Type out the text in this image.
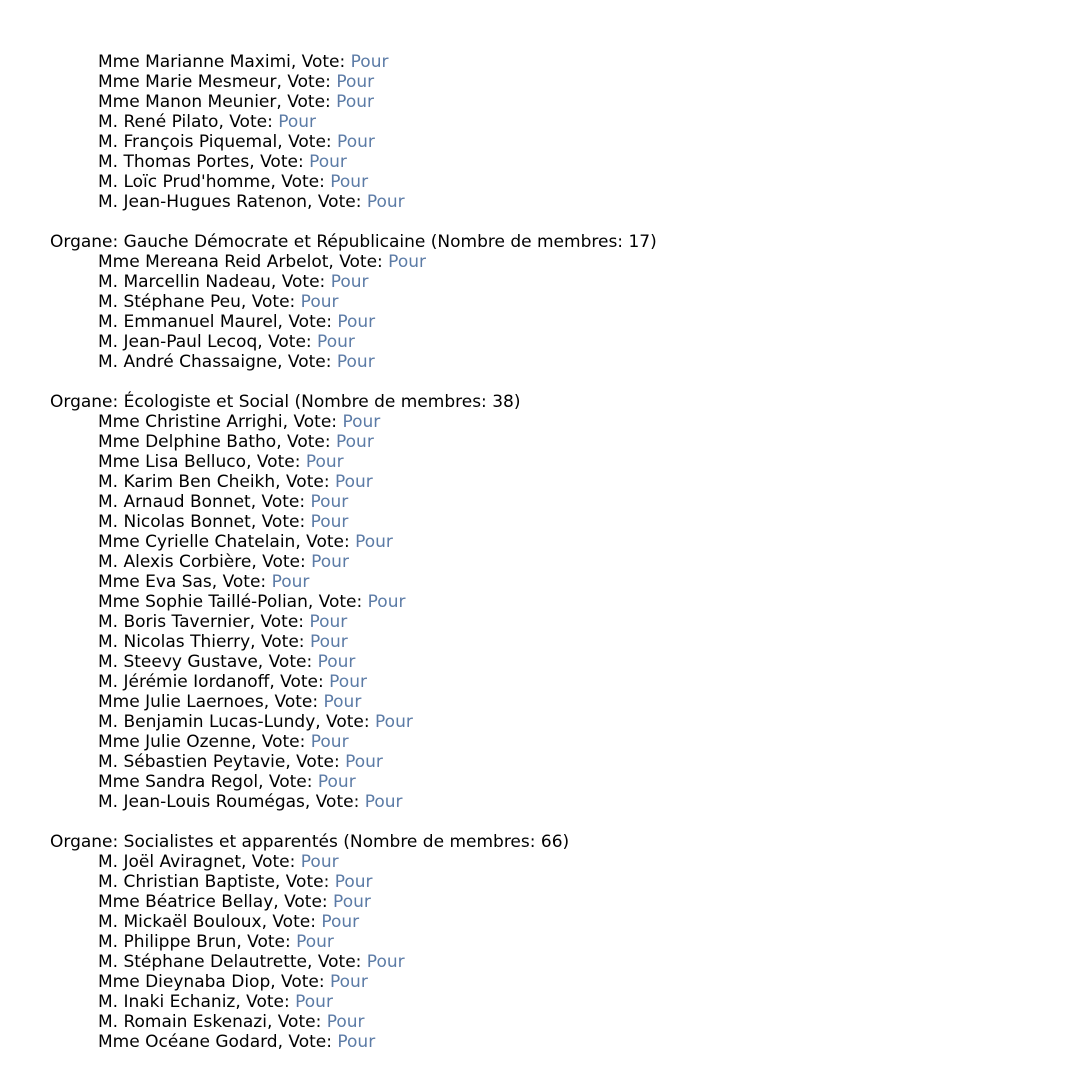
Mme Marianne Maximi, Vote: Pour
Mme Marie Mesmeur, Vote: Pour
Mme Manon Meunier, Vote: Pour
M. René Pilato, Vote: Pour
M. François Piquemal, Vote: Pour
M. Thomas Portes, Vote: Pour
M. Loïc Prud'homme, Vote: Pour
M. Jean-Hugues Ratenon, Vote: Pour
Organe: Gauche Démocrate et Républicaine (Nombre de membres: 17)
Mme Mereana Reid Arbelot, Vote: Pour
M. Marcellin Nadeau, Vote: Pour
M. Stéphane Peu, Vote: Pour
M. Emmanuel Maurel, Vote: Pour
M. Jean-Paul Lecoq, Vote: Pour
M. André Chassaigne, Vote: Pour
Organe: Écologiste et Social (Nombre de membres: 38)
Mme Christine Arrighi, Vote: Pour
Mme Delphine Batho, Vote: Pour
Mme Lisa Belluco, Vote: Pour
M. Karim Ben Cheikh, Vote: Pour
M. Arnaud Bonnet, Vote: Pour
M. Nicolas Bonnet, Vote: Pour
Mme Cyrielle Chatelain, Vote: Pour
M. Alexis Corbière, Vote: Pour
Mme Eva Sas, Vote: Pour
Mme Sophie Taillé-Polian, Vote: Pour
M. Boris Tavernier, Vote: Pour
M. Nicolas Thierry, Vote: Pour
M. Steevy Gustave, Vote: Pour
M. Jérémie Iordanoff, Vote: Pour
Mme Julie Laernoes, Vote: Pour
M. Benjamin Lucas-Lundy, Vote: Pour
Mme Julie Ozenne, Vote: Pour
M. Sébastien Peytavie, Vote: Pour
Mme Sandra Regol, Vote: Pour
M. Jean-Louis Roumégas, Vote: Pour
Organe: Socialistes et apparentés (Nombre de membres: 66)
M. Joël Aviragnet, Vote: Pour
M. Christian Baptiste, Vote: Pour
Mme Béatrice Bellay, Vote: Pour
M. Mickaël Bouloux, Vote: Pour
M. Philippe Brun, Vote: Pour
M. Stéphane Delautrette, Vote: Pour
Mme Dieynaba Diop, Vote: Pour
M. Inaki Echaniz, Vote: Pour
M. Romain Eskenazi, Vote: Pour
Mme Océane Godard, Vote: Pour
